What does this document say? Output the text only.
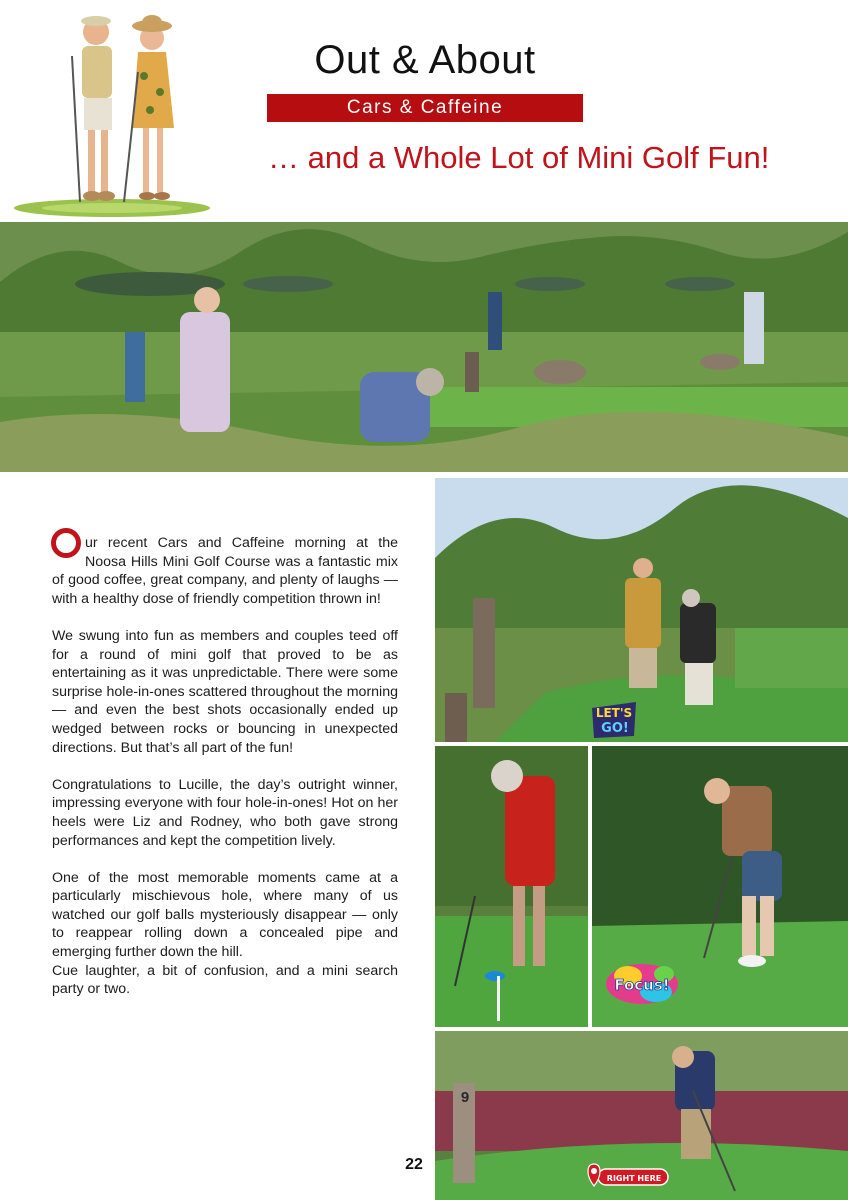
Out & About
Cars & Caffeine
… and a Whole Lot of Mini Golf Fun!
LET'S
GO!
Focus!
9
RIGHT HERE

ur recent Cars and Caffeine morning at the Noosa Hills Mini Golf Course was a fantastic mix of good coffee, great company, and plenty of laughs — with a healthy dose of friendly competition thrown in!

We swung into fun as members and couples teed off for a round of mini golf that proved to be as entertaining as it was unpredictable. There were some surprise hole-in-ones scattered throughout the morning — and even the best shots occasionally ended up wedged between rocks or bouncing in unexpected directions. But that’s all part of the fun!

Congratulations to Lucille, the day’s outright winner, impressing everyone with four hole-in-ones! Hot on her heels were Liz and Rodney, who both gave strong performances and kept the competition lively.

One of the most memorable moments came at a particularly mischievous hole, where many of us watched our golf balls mysteriously disappear — only to reappear rolling down a concealed pipe and emerging further down the hill.

Cue laughter, a bit of confusion, and a mini search party or two.

22
